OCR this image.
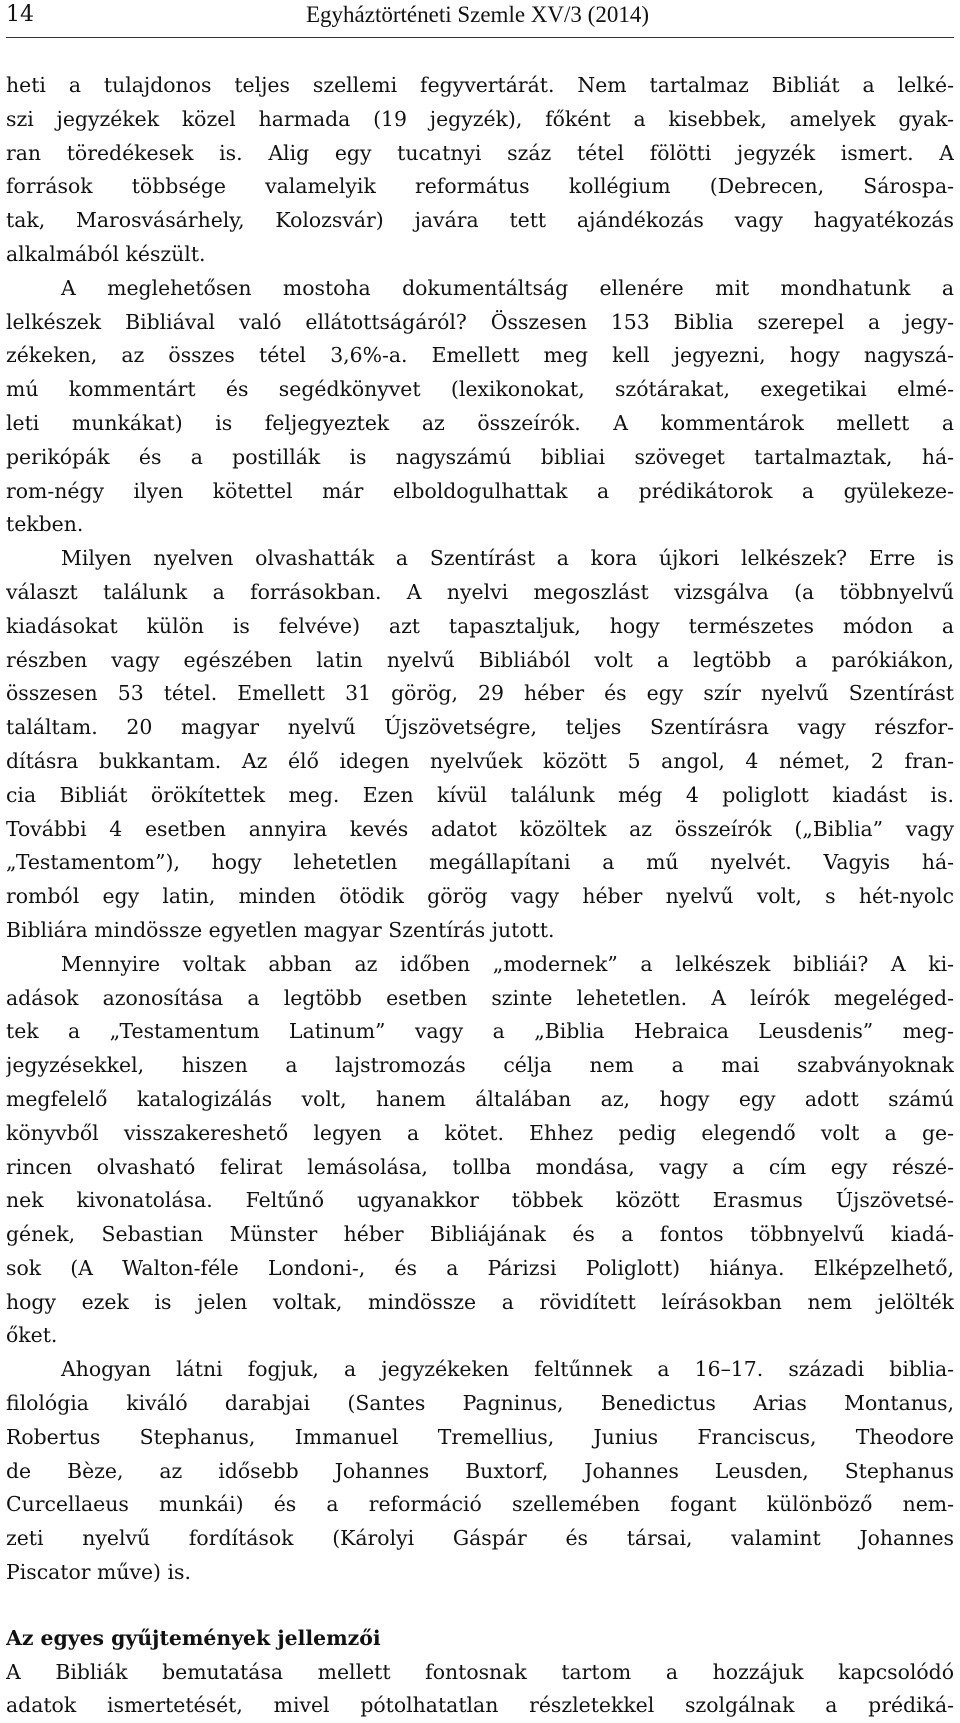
14	Egyháztörténeti Szemle XV/3 (2014)
heti a tulajdonos teljes szellemi fegyvertárát. Nem tartalmaz Bibliát a lelké-
szi jegyzékek közel harmada (19 jegyzék), főként a kisebbek, amelyek gyak-
ran töredékesek is. Alig egy tucatnyi száz tétel fölötti jegyzék ismert. A
források többsége valamelyik református kollégium (Debrecen, Sárospa-
tak, Marosvásárhely, Kolozsvár) javára tett ajándékozás vagy hagyatékozás
alkalmából készült.
A meglehetősen mostoha dokumentáltság ellenére mit mondhatunk a
lelkészek Bibliával való ellátottságáról? Összesen 153 Biblia szerepel a jegy-
zékeken, az összes tétel 3,6%-a. Emellett meg kell jegyezni, hogy nagyszá-
mú kommentárt és segédkönyvet (lexikonokat, szótárakat, exegetikai elmé-
leti munkákat) is feljegyeztek az összeírók. A kommentárok mellett a
perikópák és a postillák is nagyszámú bibliai szöveget tartalmaztak, há-
rom-négy ilyen kötettel már elboldogulhattak a prédikátorok a gyülekeze-
tekben.
Milyen nyelven olvashatták a Szentírást a kora újkori lelkészek? Erre is
választ találunk a forrásokban. A nyelvi megoszlást vizsgálva (a többnyelvű
kiadásokat külön is felvéve) azt tapasztaljuk, hogy természetes módon a
részben vagy egészében latin nyelvű Bibliából volt a legtöbb a parókiákon,
összesen 53 tétel. Emellett 31 görög, 29 héber és egy szír nyelvű Szentírást
találtam. 20 magyar nyelvű Újszövetségre, teljes Szentírásra vagy részfor-
dításra bukkantam. Az élő idegen nyelvűek között 5 angol, 4 német, 2 fran-
cia Bibliát örökítettek meg. Ezen kívül találunk még 4 poliglott kiadást is.
További 4 esetben annyira kevés adatot közöltek az összeírók („Biblia” vagy
„Testamentom”), hogy lehetetlen megállapítani a mű nyelvét. Vagyis há-
romból egy latin, minden ötödik görög vagy héber nyelvű volt, s hét-nyolc
Bibliára mindössze egyetlen magyar Szentírás jutott.
Mennyire voltak abban az időben „modernek” a lelkészek bibliái? A ki-
adások azonosítása a legtöbb esetben szinte lehetetlen. A leírók megeléged-
tek a „Testamentum Latinum” vagy a „Biblia Hebraica Leusdenis” meg-
jegyzésekkel, hiszen a lajstromozás célja nem a mai szabványoknak
megfelelő katalogizálás volt, hanem általában az, hogy egy adott számú
könyvből visszakereshető legyen a kötet. Ehhez pedig elegendő volt a ge-
rincen olvasható felirat lemásolása, tollba mondása, vagy a cím egy részé-
nek kivonatolása. Feltűnő ugyanakkor többek között Erasmus Újszövetsé-
gének, Sebastian Münster héber Bibliájának és a fontos többnyelvű kiadá-
sok (A Walton-féle Londoni-, és a Párizsi Poliglott) hiánya. Elképzelhető,
hogy ezek is jelen voltak, mindössze a rövidített leírásokban nem jelölték
őket.
Ahogyan látni fogjuk, a jegyzékeken feltűnnek a 16–17. századi biblia-
filológia kiváló darabjai (Santes Pagninus, Benedictus Arias Montanus,
Robertus Stephanus, Immanuel Tremellius, Junius Franciscus, Theodore
de Bèze, az idősebb Johannes Buxtorf, Johannes Leusden, Stephanus
Curcellaeus munkái) és a reformáció szellemében fogant különböző nem-
zeti nyelvű fordítások (Károlyi Gáspár és társai, valamint Johannes
Piscator műve) is.
Az egyes gyűjtemények jellemzői
A Bibliák bemutatása mellett fontosnak tartom a hozzájuk kapcsolódó
adatok ismertetését, mivel pótolhatatlan részletekkel szolgálnak a prédiká-
